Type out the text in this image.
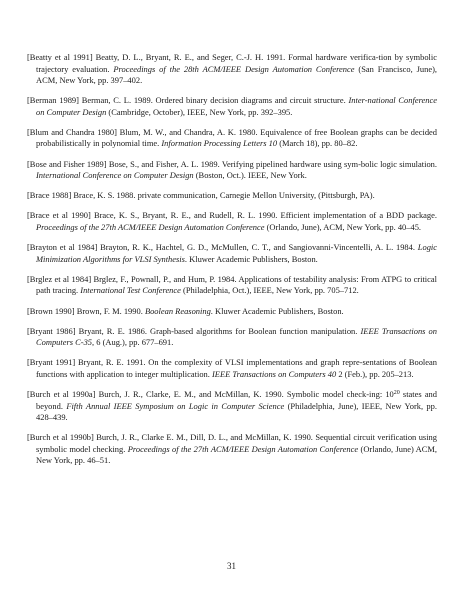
[Beatty et al 1991] Beatty, D. L., Bryant, R. E., and Seger, C.-J. H. 1991. Formal hardware verifica-tion by symbolic trajectory evaluation. Proceedings of the 28th ACM/IEEE Design Automation Conference (San Francisco, June), ACM, New York, pp. 397–402.

[Berman 1989] Berman, C. L. 1989. Ordered binary decision diagrams and circuit structure. Inter-national Conference on Computer Design (Cambridge, October), IEEE, New York, pp. 392–395.

[Blum and Chandra 1980] Blum, M. W., and Chandra, A. K. 1980. Equivalence of free Boolean graphs can be decided probabilistically in polynomial time. Information Processing Letters 10 (March 18), pp. 80–82.

[Bose and Fisher 1989] Bose, S., and Fisher, A. L. 1989. Verifying pipelined hardware using sym-bolic logic simulation. International Conference on Computer Design (Boston, Oct.). IEEE, New York.

[Brace 1988] Brace, K. S. 1988. private communication, Carnegie Mellon University, (Pittsburgh, PA).

[Brace et al 1990] Brace, K. S., Bryant, R. E., and Rudell, R. L. 1990. Efficient implementation of a BDD package. Proceedings of the 27th ACM/IEEE Design Automation Conference (Orlando, June), ACM, New York, pp. 40–45.

[Brayton et al 1984] Brayton, R. K., Hachtel, G. D., McMullen, C. T., and Sangiovanni-Vincentelli, A. L. 1984. Logic Minimization Algorithms for VLSI Synthesis. Kluwer Academic Publishers, Boston.

[Brglez et al 1984] Brglez, F., Pownall, P., and Hum, P. 1984. Applications of testability analysis: From ATPG to critical path tracing. International Test Conference (Philadelphia, Oct.), IEEE, New York, pp. 705–712.

[Brown 1990] Brown, F. M. 1990. Boolean Reasoning. Kluwer Academic Publishers, Boston.

[Bryant 1986] Bryant, R. E. 1986. Graph-based algorithms for Boolean function manipulation. IEEE Transactions on Computers C-35, 6 (Aug.), pp. 677–691.

[Bryant 1991] Bryant, R. E. 1991. On the complexity of VLSI implementations and graph repre-sentations of Boolean functions with application to integer multiplication. IEEE Transactions on Computers 40 2 (Feb.), pp. 205–213.

[Burch et al 1990a] Burch, J. R., Clarke, E. M., and McMillan, K. 1990. Symbolic model check-ing: $10^{20}$ states and beyond. Fifth Annual IEEE Symposium on Logic in Computer Science (Philadelphia, June), IEEE, New York, pp. 428–439.

[Burch et al 1990b] Burch, J. R., Clarke E. M., Dill, D. L., and McMillan, K. 1990. Sequential circuit verification using symbolic model checking. Proceedings of the 27th ACM/IEEE Design Automation Conference (Orlando, June) ACM, New York, pp. 46–51.

31
